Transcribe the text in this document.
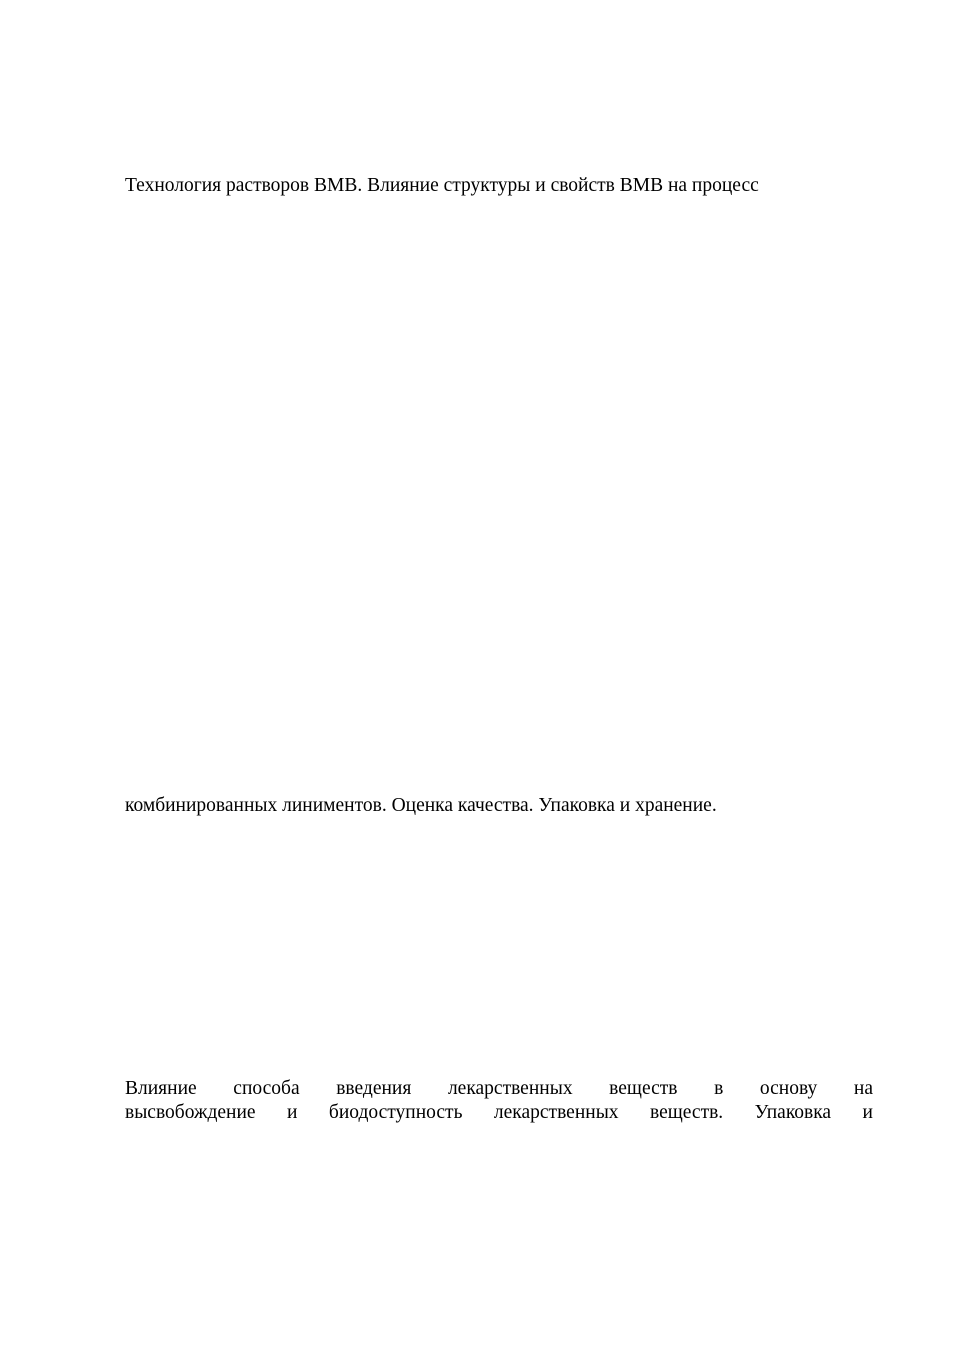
Технология растворов ВМВ. Влияние структуры и свойств ВМВ на процесс
комбинированных линиментов. Оценка качества. Упаковка и хранение.
Влияние способа введения лекарственных веществ в основу на
высвобождение и биодоступность лекарственных веществ. Упаковка и
